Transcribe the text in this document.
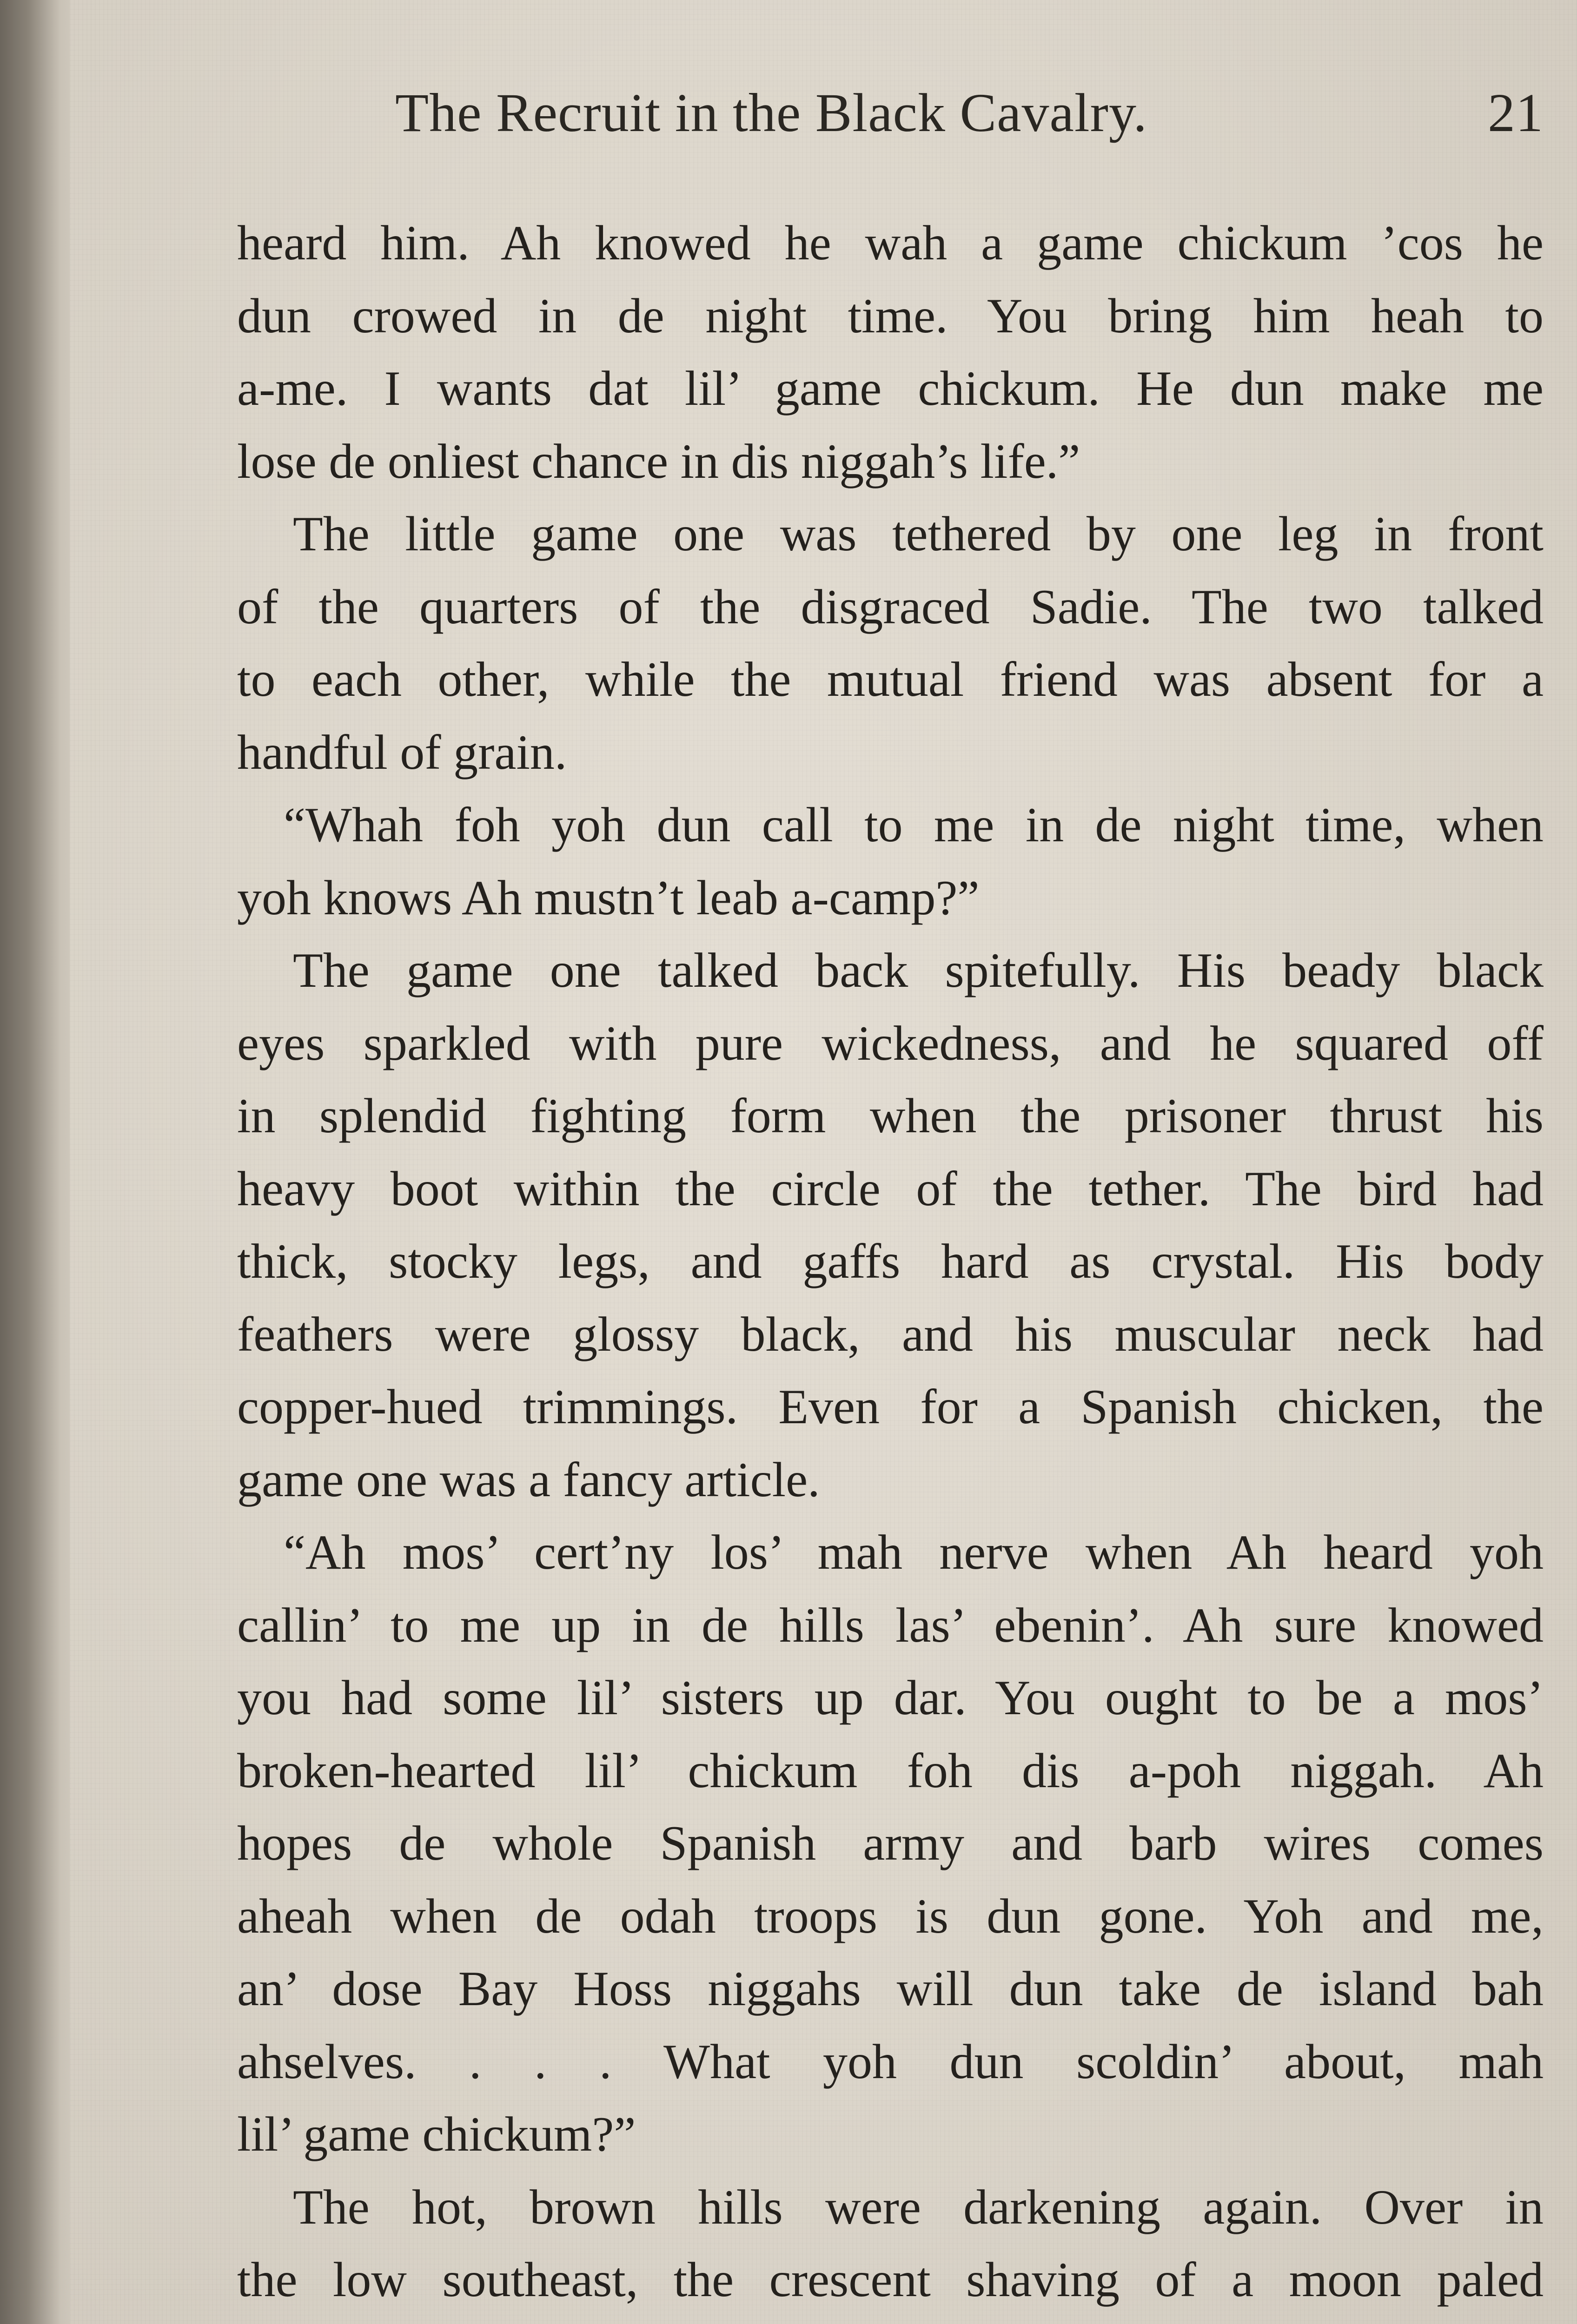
The Recruit in the Black Cavalry.	21
heard him. Ah knowed he wah a game chickum ’cos he
dun crowed in de night time. You bring him heah to
a-me. I wants dat lil’ game chickum. He dun make me
lose de onliest chance in dis niggah’s life.”
The little game one was tethered by one leg in front
of the quarters of the disgraced Sadie. The two talked
to each other, while the mutual friend was absent for a
handful of grain.
“Whah foh yoh dun call to me in de night time, when
yoh knows Ah mustn’t leab a-camp?”
The game one talked back spitefully. His beady black
eyes sparkled with pure wickedness, and he squared off
in splendid fighting form when the prisoner thrust his
heavy boot within the circle of the tether. The bird had
thick, stocky legs, and gaffs hard as crystal. His body
feathers were glossy black, and his muscular neck had
copper-hued trimmings. Even for a Spanish chicken, the
game one was a fancy article.
“Ah mos’ cert’ny los’ mah nerve when Ah heard yoh
callin’ to me up in de hills las’ ebenin’. Ah sure knowed
you had some lil’ sisters up dar. You ought to be a mos’
broken-hearted lil’ chickum foh dis a-poh niggah. Ah
hopes de whole Spanish army and barb wires comes
aheah when de odah troops is dun gone. Yoh and me,
an’ dose Bay Hoss niggahs will dun take de island bah
ahselves. . . . What yoh dun scoldin’ about, mah
lil’ game chickum?”
The hot, brown hills were darkening again. Over in
the low southeast, the crescent shaving of a moon paled
